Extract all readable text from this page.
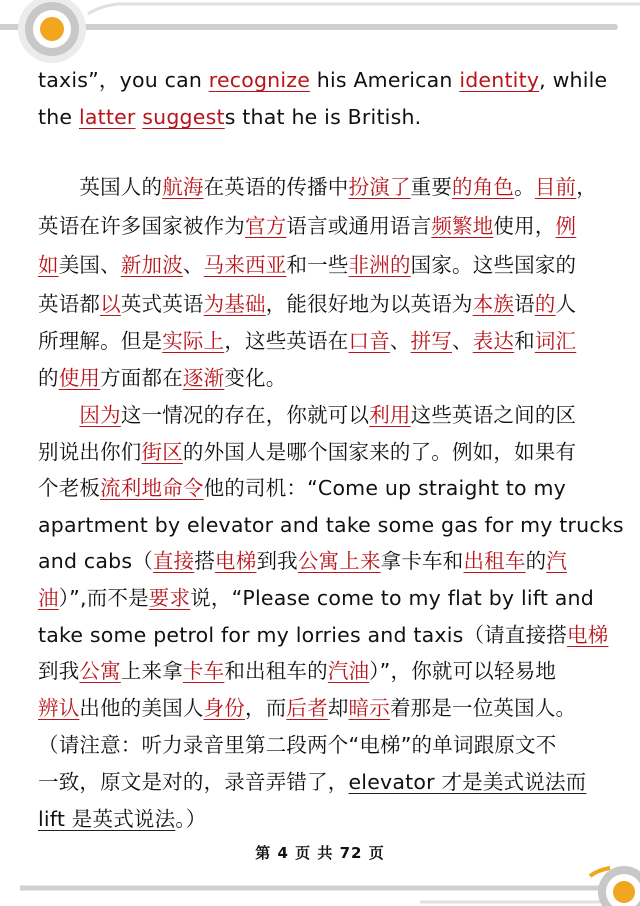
taxis”，you can recognize his American identity, while
the latter suggests that he is British.
　　英国人的航海在英语的传播中扮演了重要的角色。目前，
英语在许多国家被作为官方语言或通用语言频繁地使用，例
如美国、新加波、马来西亚和一些非洲的国家。这些国家的
英语都以英式英语为基础，能很好地为以英语为本族语的人
所理解。但是实际上，这些英语在口音、拼写、表达和词汇
的使用方面都在逐渐变化。
　　因为这一情况的存在，你就可以利用这些英语之间的区
别说出你们街区的外国人是哪个国家来的了。例如，如果有
个老板流利地命令他的司机：“Come up straight to my
apartment by elevator and take some gas for my trucks
and cabs（直接搭电梯到我公寓上来拿卡车和出租车的汽
油）”,而不是要求说，“Please come to my flat by lift and
take some petrol for my lorries and taxis（请直接搭电梯
到我公寓上来拿卡车和出租车的汽油）”，你就可以轻易地
辨认出他的美国人身份，而后者却暗示着那是一位英国人。
（请注意：听力录音里第二段两个“电梯”的单词跟原文不
一致，原文是对的，录音弄错了，elevator 才是美式说法而
lift 是英式说法。）
第 4 页 共 72 页
